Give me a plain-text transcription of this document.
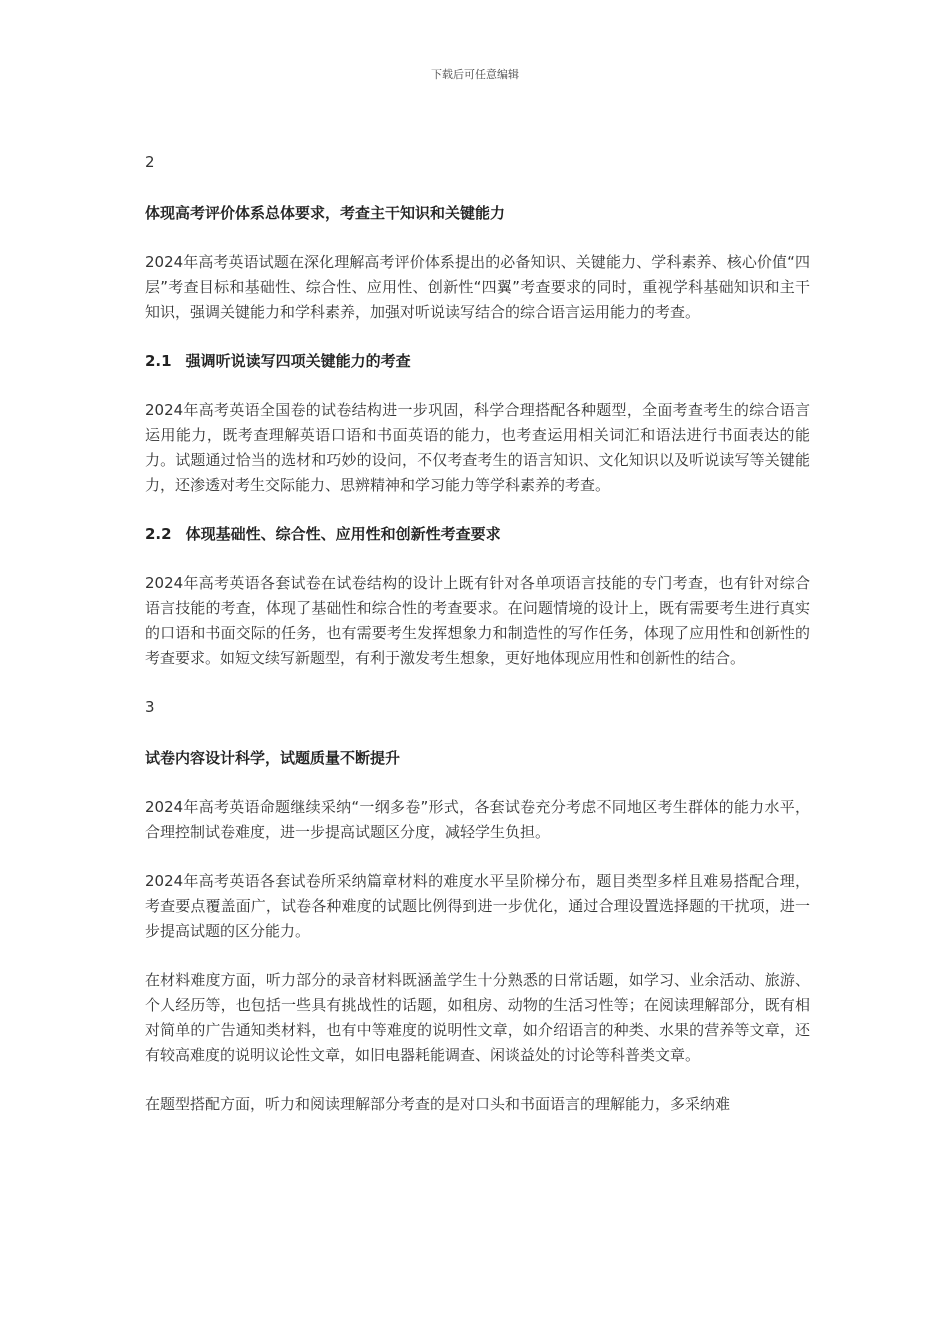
下载后可任意编辑
2
体现高考评价体系总体要求，考查主干知识和关键能力
2024年高考英语试题在深化理解高考评价体系提出的必备知识、关键能力、学科素养、核心价值“四层”考查目标和基础性、综合性、应用性、创新性“四翼”考查要求的同时，重视学科基础知识和主干知识，强调关键能力和学科素养，加强对听说读写结合的综合语言运用能力的考查。
2.1 强调听说读写四项关键能力的考查
2024年高考英语全国卷的试卷结构进一步巩固，科学合理搭配各种题型，全面考查考生的综合语言运用能力，既考查理解英语口语和书面英语的能力，也考查运用相关词汇和语法进行书面表达的能力。试题通过恰当的选材和巧妙的设问，不仅考查考生的语言知识、文化知识以及听说读写等关键能力，还渗透对考生交际能力、思辨精神和学习能力等学科素养的考查。
2.2 体现基础性、综合性、应用性和创新性考查要求
2024年高考英语各套试卷在试卷结构的设计上既有针对各单项语言技能的专门考查，也有针对综合语言技能的考查，体现了基础性和综合性的考查要求。在问题情境的设计上，既有需要考生进行真实的口语和书面交际的任务，也有需要考生发挥想象力和制造性的写作任务，体现了应用性和创新性的考查要求。如短文续写新题型，有利于激发考生想象，更好地体现应用性和创新性的结合。
3
试卷内容设计科学，试题质量不断提升
2024年高考英语命题继续采纳“一纲多卷”形式，各套试卷充分考虑不同地区考生群体的能力水平，合理控制试卷难度，进一步提高试题区分度，减轻学生负担。
2024年高考英语各套试卷所采纳篇章材料的难度水平呈阶梯分布，题目类型多样且难易搭配合理，考查要点覆盖面广，试卷各种难度的试题比例得到进一步优化，通过合理设置选择题的干扰项，进一步提高试题的区分能力。
在材料难度方面，听力部分的录音材料既涵盖学生十分熟悉的日常话题，如学习、业余活动、旅游、个人经历等，也包括一些具有挑战性的话题，如租房、动物的生活习性等；在阅读理解部分，既有相对简单的广告通知类材料，也有中等难度的说明性文章，如介绍语言的种类、水果的营养等文章，还有较高难度的说明议论性文章，如旧电器耗能调查、闲谈益处的讨论等科普类文章。
在题型搭配方面，听力和阅读理解部分考查的是对口头和书面语言的理解能力，多采纳难
